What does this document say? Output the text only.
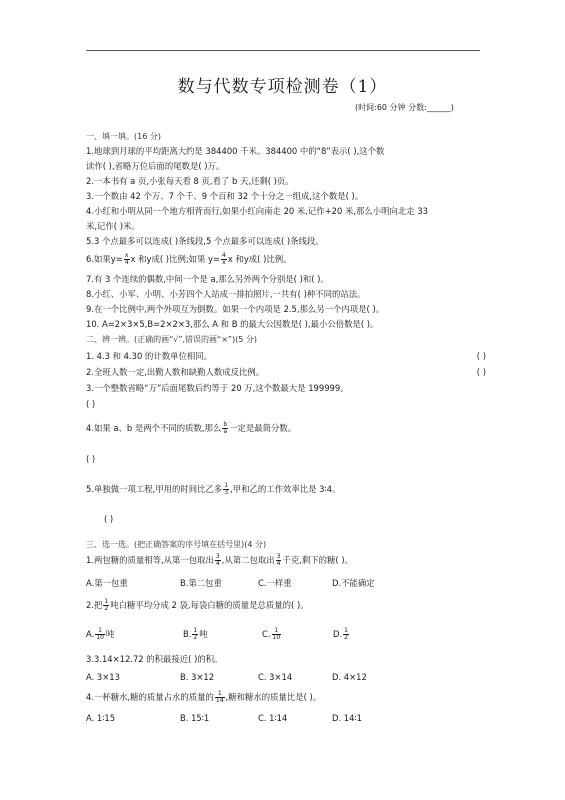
数与代数专项检测卷（1）
(时间:60 分钟 分数:______)
一、填一填。(16 分)
1.地球到月球的平均距离大约是 384400 千米。384400 中的“8”表示( ),这个数
读作( ),省略万位后面的尾数是( )万。
2.一本书有 a 页,小张每天看 8 页,看了 b 天,还剩( )页。
3.一个数由 42 个万、7 个千、9 个百和 32 个十分之一组成,这个数是( )。
4.小红和小明从同一个地方相背而行,如果小红向南走 20 米,记作+20 米,那么小明向北走 33
米,记作( )米。
5.3 个点最多可以连成( )条线段,5 个点最多可以连成( )条线段。
6.如果$y= \frac{x}{4}$ x 和y成( )比例;如果 $y= \frac{4}{x}$ x 和y成( )比例。
7.有 3 个连续的偶数,中间一个是 a,那么另外两个分别是( )和( )。
8.小红、小军、小明、小芳四个人站成一排拍照片,一共有( )种不同的站法。
9.在一个比例中,两个外项互为倒数。如果一个内项是 2.5,那么另一个内项是( )。
10. A=2×3×5,B=2×2×3,那么 A 和 B 的最大公因数是( ),最小公倍数是( )。
二、辨一辨。(正确的画“√”,错误的画“×”)(5 分)
1. 4.3 和 4.30 的计数单位相同。	( )
2.全班人数一定,出勤人数和缺勤人数成反比例。	( )
3.一个整数省略“万”后面尾数后约等于 20 万,这个数最大是 199999。
( )
4.如果 a、b 是两个不同的质数,那么 $\frac{b}{a}$ 一定是最简分数。
( )
5.单独做一项工程,甲用的时间比乙多 $\frac{1}{3}$ ,甲和乙的工作效率比是 3∶4。
( )
三、选一选。(把正确答案的序号填在括号里)(4 分)
1.两包糖的质量相等,从第一包取出 $\frac{3}{4}$ ,从第二包取出 $\frac{3}{4}$ 千克,剩下的糖( )。
A.第一包重	B.第二包重	C.一样重	D.不能确定
2.把 $\frac{1}{2}$ 吨白糖平均分成 2 袋,每袋白糖的质量是总质量的( )。
A. $\frac{1}{10}$ 吨	B. $\frac{1}{2}$ 吨	C. $\frac{1}{10}$	D. $\frac{1}{2}$
3.3.14×12.72 的积最接近( )的积。
A. 3×13	B. 3×12	C. 3×14	D. 4×12
4.一杯糖水,糖的质量占水的质量的 $\frac{1}{14}$ ,糖和糖水的质量比是( )。
A. 1∶15	B. 15∶1	C. 1∶14	D. 14∶1
